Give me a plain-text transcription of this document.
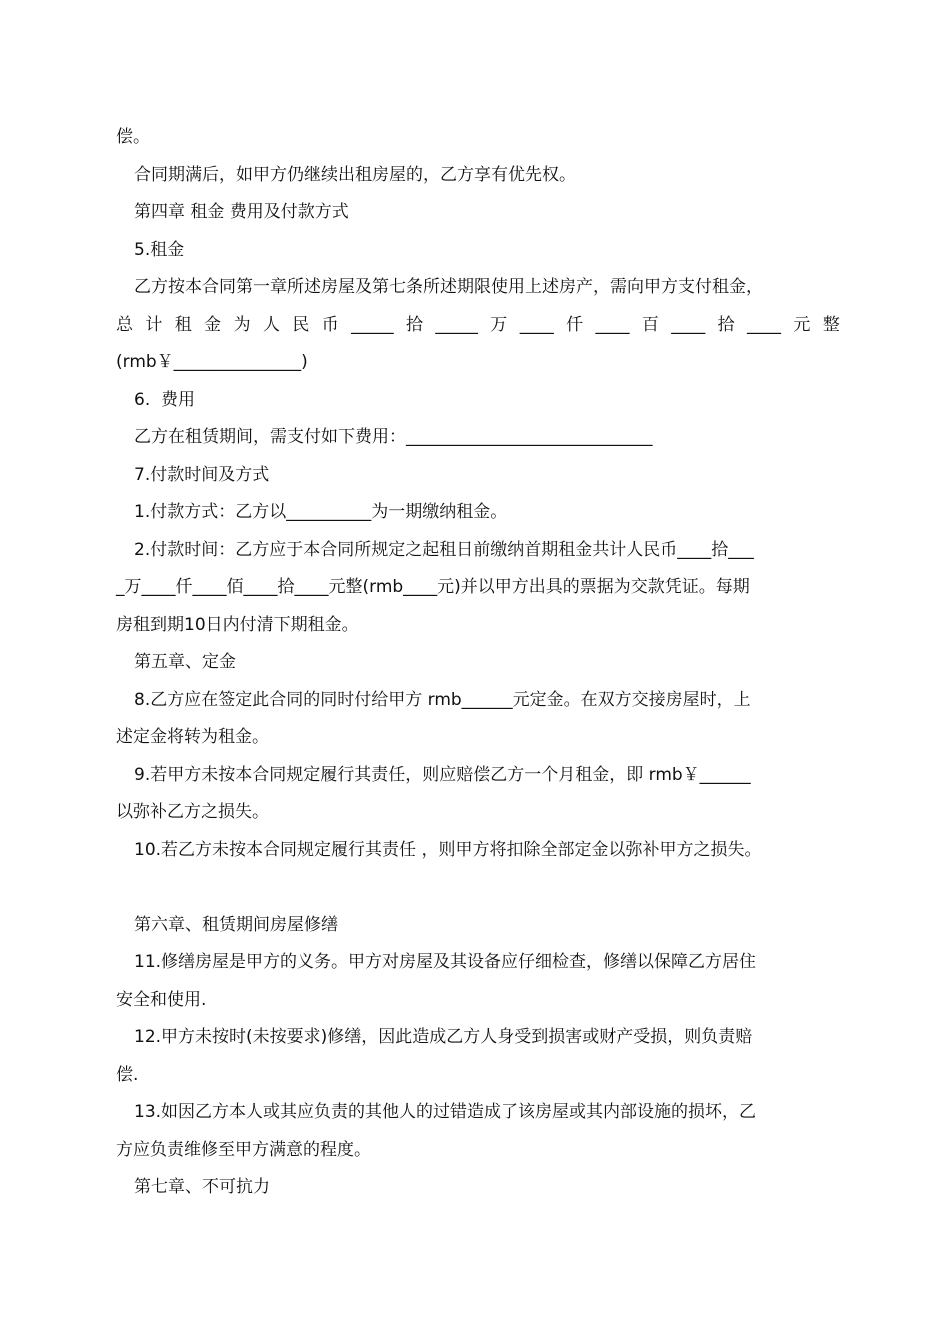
偿。

合同期满后，如甲方仍继续出租房屋的，乙方享有优先权。

第四章 租金 费用及付款方式

5.租金

乙方按本合同第一章所述房屋及第七条所述期限使用上述房产，需向甲方支付租金，

总 计 租 金 为 人 民 币 _____ 拾 _____ 万 ____ 仟 ____ 百 ____ 拾 ____ 元 整

(rmb￥_______________)

6.  费用

乙方在租赁期间，需支付如下费用：_____________________________

7.付款时间及方式

1.付款方式：乙方以__________为一期缴纳租金。

2.付款时间：乙方应于本合同所规定之起租日前缴纳首期租金共计人民币____拾___

_万____仟____佰____拾____元整(rmb____元)并以甲方出具的票据为交款凭证。每期

房租到期10日内付清下期租金。

第五章、定金

8.乙方应在签定此合同的同时付给甲方 rmb______元定金。在双方交接房屋时，上

述定金将转为租金。

9.若甲方未按本合同规定履行其责任，则应赔偿乙方一个月租金，即 rmb￥______

以弥补乙方之损失。

10.若乙方未按本合同规定履行其责任 ，则甲方将扣除全部定金以弥补甲方之损失。

第六章、租赁期间房屋修缮

11.修缮房屋是甲方的义务。甲方对房屋及其设备应仔细检查，修缮以保障乙方居住

安全和使用.

12.甲方未按时(未按要求)修缮，因此造成乙方人身受到损害或财产受损，则负责赔

偿.

13.如因乙方本人或其应负责的其他人的过错造成了该房屋或其内部设施的损坏，乙

方应负责维修至甲方满意的程度。

第七章、不可抗力
